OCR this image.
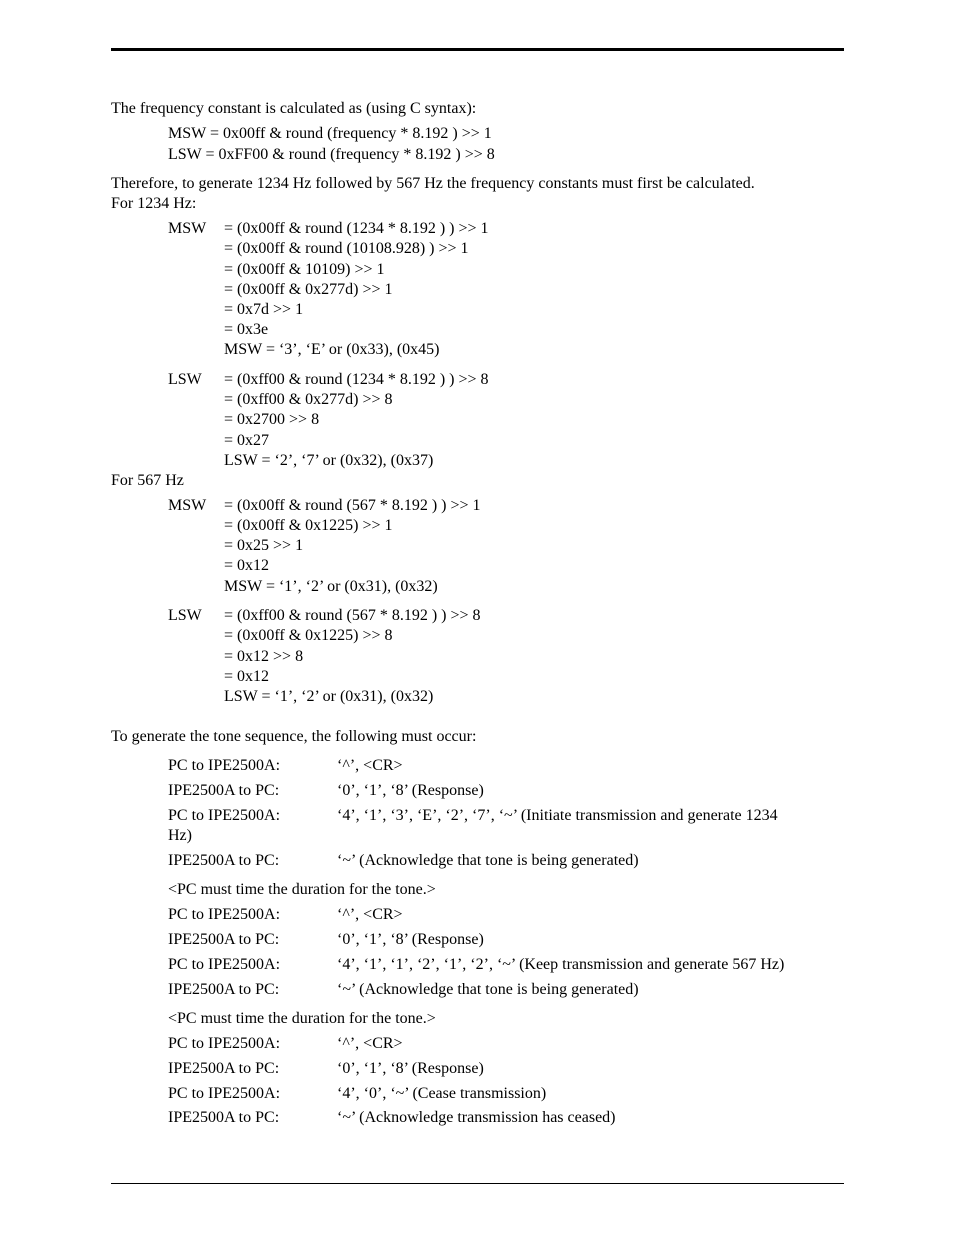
The frequency constant is calculated as (using C syntax):
MSW = 0x00ff & round (frequency * 8.192 ) >> 1
LSW = 0xFF00 & round (frequency * 8.192 ) >> 8
Therefore, to generate 1234 Hz followed by 567 Hz the frequency constants must first be calculated.
For 1234 Hz:
MSW = (0x00ff & round (1234 * 8.192 ) ) >> 1
= (0x00ff & round (10108.928) ) >> 1
= (0x00ff & 10109) >> 1
= (0x00ff & 0x277d) >> 1
= 0x7d >> 1
= 0x3e
MSW = ‘3’, ‘E’ or (0x33), (0x45)
LSW = (0xff00 & round (1234 * 8.192 ) ) >> 8
= (0xff00 & 0x277d) >> 8
= 0x2700 >> 8
= 0x27
LSW = ‘2’, ‘7’ or (0x32), (0x37)
For 567 Hz
MSW = (0x00ff & round (567 * 8.192 ) ) >> 1
= (0x00ff & 0x1225) >> 1
= 0x25 >> 1
= 0x12
MSW = ‘1’, ‘2’ or (0x31), (0x32)
LSW = (0xff00 & round (567 * 8.192 ) ) >> 8
= (0x00ff & 0x1225) >> 8
= 0x12 >> 8
= 0x12
LSW = ‘1’, ‘2’ or (0x31), (0x32)
To generate the tone sequence, the following must occur:
PC to IPE2500A:	‘^’, <CR>
IPE2500A to PC:	‘0’, ‘1’, ‘8’ (Response)
PC to IPE2500A:	‘4’, ‘1’, ‘3’, ‘E’, ‘2’, ‘7’, ‘~’ (Initiate transmission and generate 1234
Hz)
IPE2500A to PC:	‘~’ (Acknowledge that tone is being generated)
<PC must time the duration for the tone.>
PC to IPE2500A:	‘^’, <CR>
IPE2500A to PC:	‘0’, ‘1’, ‘8’ (Response)
PC to IPE2500A:	‘4’, ‘1’, ‘1’, ‘2’, ‘1’, ‘2’, ‘~’ (Keep transmission and generate 567 Hz)
IPE2500A to PC:	‘~’ (Acknowledge that tone is being generated)
<PC must time the duration for the tone.>
PC to IPE2500A:	‘^’, <CR>
IPE2500A to PC:	‘0’, ‘1’, ‘8’ (Response)
PC to IPE2500A:	‘4’, ‘0’, ‘~’ (Cease transmission)
IPE2500A to PC:	‘~’ (Acknowledge transmission has ceased)
